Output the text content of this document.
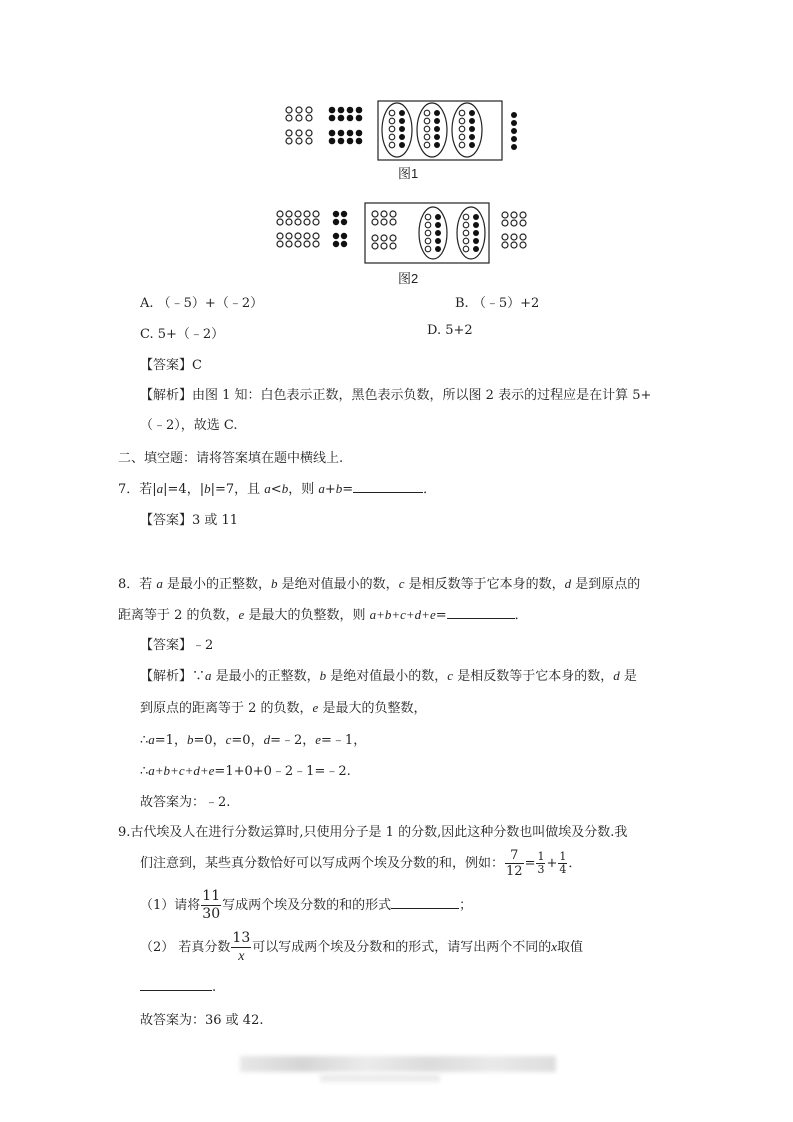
图1
图2
A. （﹣5）+（﹣2）	B. （﹣5）+2
C. 5+（﹣2）	D. 5+2
【答案】C
【解析】由图 1 知：白色表示正数，黑色表示负数，所以图 2 表示的过程应是在计算 5+
（﹣2），故选 C.
二、填空题：请将答案填在题中横线上.
7．若|a|=4，|b|=7，且 a<b，则 a+b=	．
【答案】3 或 11
8．若 a 是最小的正整数，b 是绝对值最小的数，c 是相反数等于它本身的数，d 是到原点的
距离等于 2 的负数，e 是最大的负整数，则 a+b+c+d+e=	．
【答案】﹣2
【解析】∵a 是最小的正整数，b 是绝对值最小的数，c 是相反数等于它本身的数，d 是
到原点的距离等于 2 的负数，e 是最大的负整数，
∴a=1，b=0，c=0，d=﹣2，e=﹣1，
∴a+b+c+d+e=1+0+0﹣2﹣1=﹣2.
故答案为：﹣2.
9.古代埃及人在进行分数运算时,只使用分子是 1 的分数,因此这种分数也叫做埃及分数.我
们注意到，某些真分数恰好可以写成两个埃及分数的和，例如： $\frac{7}{12} = \frac{1}{3} + \frac{1}{4}$ ．
（1）请将 $\frac{11}{30}$ 写成两个埃及分数的和的形式	；
（2） 若真分数 $\frac{13}{x}$ 可以写成两个埃及分数和的形式，请写出两个不同的x取值
.
故答案为：36 或 42.
